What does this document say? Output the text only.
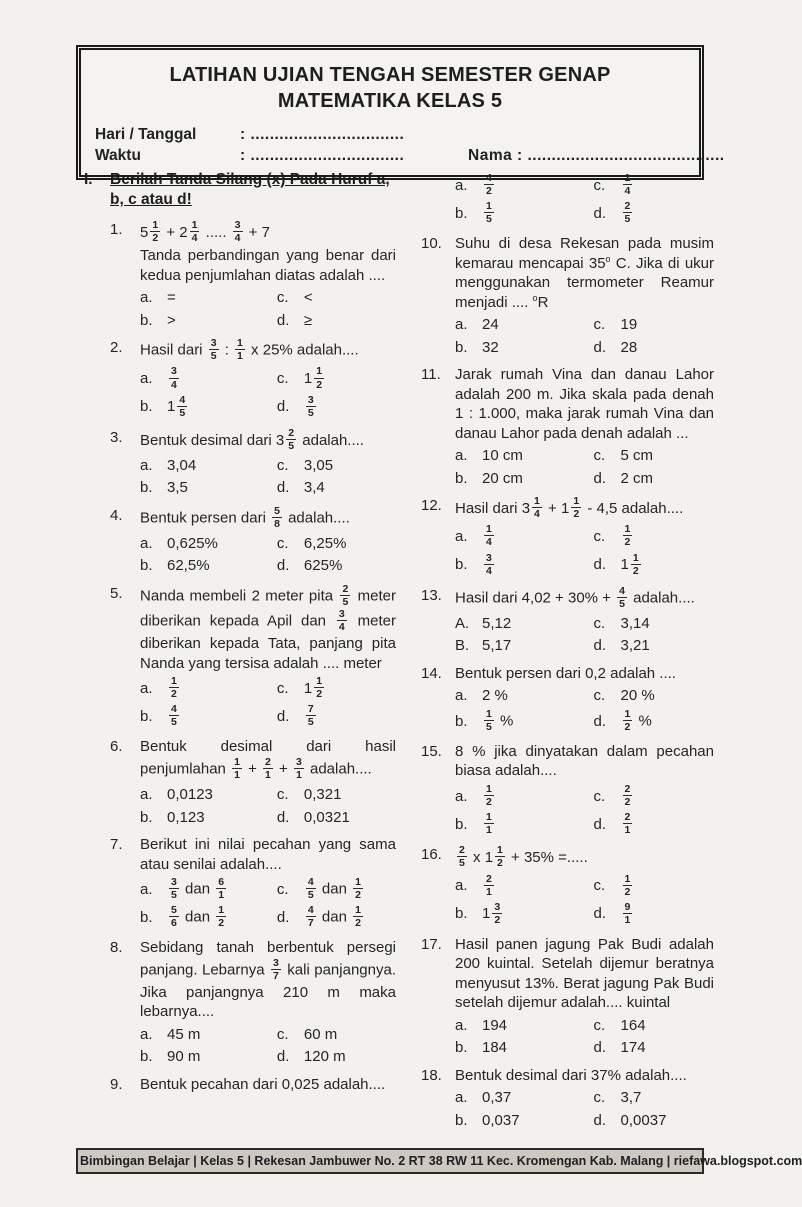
LATIHAN UJIAN TENGAH SEMESTER GENAP
MATEMATIKA KELAS 5
Hari / Tanggal	: ................................
Waktu	: ................................	Nama : .........................................
I.	Berilah Tanda Silang (x) Pada Huruf a,
b, c atau d!
1.	$5 \frac{1}{2} + 2 \frac{1}{4}$ ..... $\frac{3}{4} + 7$
Tanda perbandingan yang benar dari kedua penjumlahan diatas adalah ....
a. =	c.	<
b. >	d. ≥
2.	Hasil dari $\frac{3}{5}$ : $\frac{1}{1}$ x 25% adalah....
a.	$\frac{3}{4}$	c.	$1 \frac{1}{2}$
b. $1 \frac{4}{5}$	d.	$\frac{3}{5}$
3.	Bentuk desimal dari $3 \frac{2}{5}$ adalah....
a. 3,04	c.	3,05
b. 3,5	d. 3,4
4.	Bentuk persen dari $\frac{5}{8}$ adalah....
a. 0,625%	c.	6,25%
b. 62,5%	d. 625%
5.	Nanda membeli 2 meter pita $\frac{2}{5}$ meter diberikan kepada Apil dan $\frac{3}{4}$ meter diberikan kepada Tata, panjang pita Nanda yang tersisa adalah .... meter
a.	$\frac{1}{2}$	c.	$1 \frac{1}{2}$
b.	$\frac{4}{5}$	d.	$\frac{7}{5}$
6.	Bentuk desimal dari hasil penjumlahan $\frac{1}{1} + \frac{2}{1} + \frac{3}{1}$ adalah....
a. 0,0123	c.	0,321
b. 0,123	d. 0,0321
7.	Berikut ini nilai pecahan yang sama atau senilai adalah....
a.	$\frac{3}{5}$ dan $\frac{6}{1}$	c.	$\frac{4}{5}$ dan $\frac{1}{2}$
b.	$\frac{5}{6}$ dan $\frac{1}{2}$	d.	$\frac{4}{7}$ dan $\frac{1}{2}$
8.	Sebidang tanah berbentuk persegi panjang. Lebarnya $\frac{3}{7}$ kali panjangnya. Jika panjangnya 210 m maka lebarnya....
a. 45 m	c.	60 m
b. 90 m	d. 120 m
9.	Bentuk pecahan dari 0,025 adalah....
a.	$\frac{4}{2}$	c.	$\frac{1}{4}$
b.	$\frac{1}{5}$	d.	$\frac{2}{5}$
10. Suhu di desa Rekesan pada musim kemarau mencapai 35$^o$ C. Jika di ukur menggunakan termometer Reamur menjadi .... $^o$R
a. 24	c.	19
b. 32	d. 28
11. Jarak rumah Vina dan danau Lahor adalah 200 m. Jika skala pada denah 1 : 1.000, maka jarak rumah Vina dan danau Lahor pada denah adalah ...
a. 10 cm	c.	5 cm
b. 20 cm	d. 2 cm
12. Hasil dari $3 \frac{1}{4} + 1 \frac{1}{2} - 4,5$ adalah....
a.	$\frac{1}{4}$	c.	$\frac{1}{2}$
b.	$\frac{3}{4}$	d. $1 \frac{1}{2}$
13. Hasil dari $4,02 + 30\% + \frac{4}{5}$ adalah....
A. 5,12	c.	3,14
B. 5,17	d. 3,21
14. Bentuk persen dari 0,2 adalah ....
a. 2 %	c.	20 %
b.	$\frac{1}{5}$ %	d.	$\frac{1}{2}$ %
15. 8 % jika dinyatakan dalam pecahan biasa adalah....
a.	$\frac{1}{2}$	c.	$\frac{2}{2}$
b.	$\frac{1}{1}$	d.	$\frac{2}{1}$
16.	$\frac{2}{5}$ x $1 \frac{1}{2} + 35\%$ =.....
a.	$\frac{2}{1}$	c.	$\frac{1}{2}$
b. $1 \frac{3}{2}$	d.	$\frac{9}{1}$
17. Hasil panen jagung Pak Budi adalah 200 kuintal. Setelah dijemur beratnya menyusut 13%. Berat jagung Pak Budi setelah dijemur adalah.... kuintal
a. 194	c.	164
b. 184	d. 174
18. Bentuk desimal dari 37% adalah....
a. 0,37	c.	3,7
b. 0,037	d. 0,0037
Bimbingan Belajar | Kelas 5 | Rekesan Jambuwer No. 2 RT 38 RW 11 Kec. Kromengan Kab. Malang | riefawa.blogspot.com
